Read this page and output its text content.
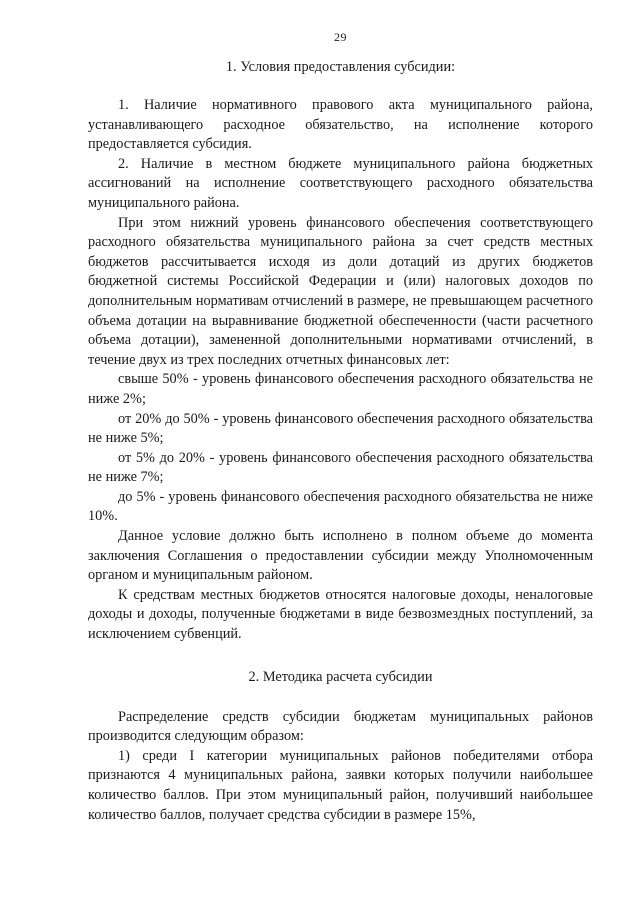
29
1. Условия предоставления субсидии:

1. Наличие нормативного правового акта муниципального района, устанавливающего расходное обязательство, на исполнение которого предоставляется субсидия.

2. Наличие в местном бюджете муниципального района бюджетных ассигнований на исполнение соответствующего расходного обязательства муниципального района.

При этом нижний уровень финансового обеспечения соответствующего расходного обязательства муниципального района за счет средств местных бюджетов рассчитывается исходя из доли дотаций из других бюджетов бюджетной системы Российской Федерации и (или) налоговых доходов по дополнительным нормативам отчислений в размере, не превышающем расчетного объема дотации на выравнивание бюджетной обеспеченности (части расчетного объема дотации), замененной дополнительными нормативами отчислений, в течение двух из трех последних отчетных финансовых лет:

свыше 50% - уровень финансового обеспечения расходного обязательства не ниже 2%;

от 20% до 50% - уровень финансового обеспечения расходного обязательства не ниже 5%;

от 5% до 20% - уровень финансового обеспечения расходного обязательства не ниже 7%;

до 5% - уровень финансового обеспечения расходного обязательства не ниже 10%.

Данное условие должно быть исполнено в полном объеме до момента заключения Соглашения о предоставлении субсидии между Уполномоченным органом и муниципальным районом.

К средствам местных бюджетов относятся налоговые доходы, неналоговые доходы и доходы, полученные бюджетами в виде безвозмездных поступлений, за исключением субвенций.

2. Методика расчета субсидии

Распределение средств субсидии бюджетам муниципальных районов производится следующим образом:

1) среди I категории муниципальных районов победителями отбора признаются 4 муниципальных района, заявки которых получили наибольшее количество баллов. При этом муниципальный район, получивший наибольшее количество баллов, получает средства субсидии в размере 15%,
